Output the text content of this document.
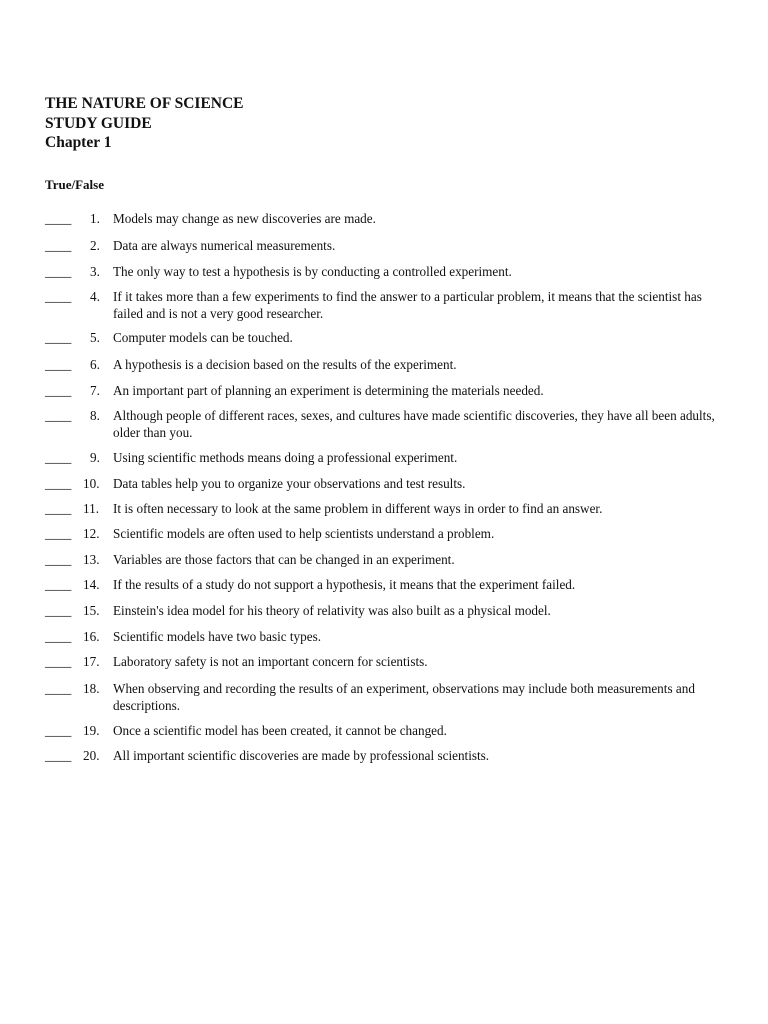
THE NATURE OF SCIENCE
STUDY GUIDE
Chapter 1
True/False
____ 1. Models may change as new discoveries are made.
____ 2. Data are always numerical measurements.
____ 3. The only way to test a hypothesis is by conducting a controlled experiment.
____ 4. If it takes more than a few experiments to find the answer to a particular problem, it means that the scientist has failed and is not a very good researcher.
____ 5. Computer models can be touched.
____ 6. A hypothesis is a decision based on the results of the experiment.
____ 7. An important part of planning an experiment is determining the materials needed.
____ 8. Although people of different races, sexes, and cultures have made scientific discoveries, they have all been adults, older than you.
____ 9. Using scientific methods means doing a professional experiment.
____ 10.	Data tables help you to organize your observations and test results.
____ 11.	It is often necessary to look at the same problem in different ways in order to find an answer.
____ 12.	Scientific models are often used to help scientists understand a problem.
____ 13.	Variables are those factors that can be changed in an experiment.
____ 14.	If the results of a study do not support a hypothesis, it means that the experiment failed.
____ 15.	Einstein's idea model for his theory of relativity was also built as a physical model.
____ 16.	Scientific models have two basic types.
____ 17.	Laboratory safety is not an important concern for scientists.
____ 18.	When observing and recording the results of an experiment, observations may include both measurements and descriptions.
____ 19.	Once a scientific model has been created, it cannot be changed.
____ 20.	All important scientific discoveries are made by professional scientists.
